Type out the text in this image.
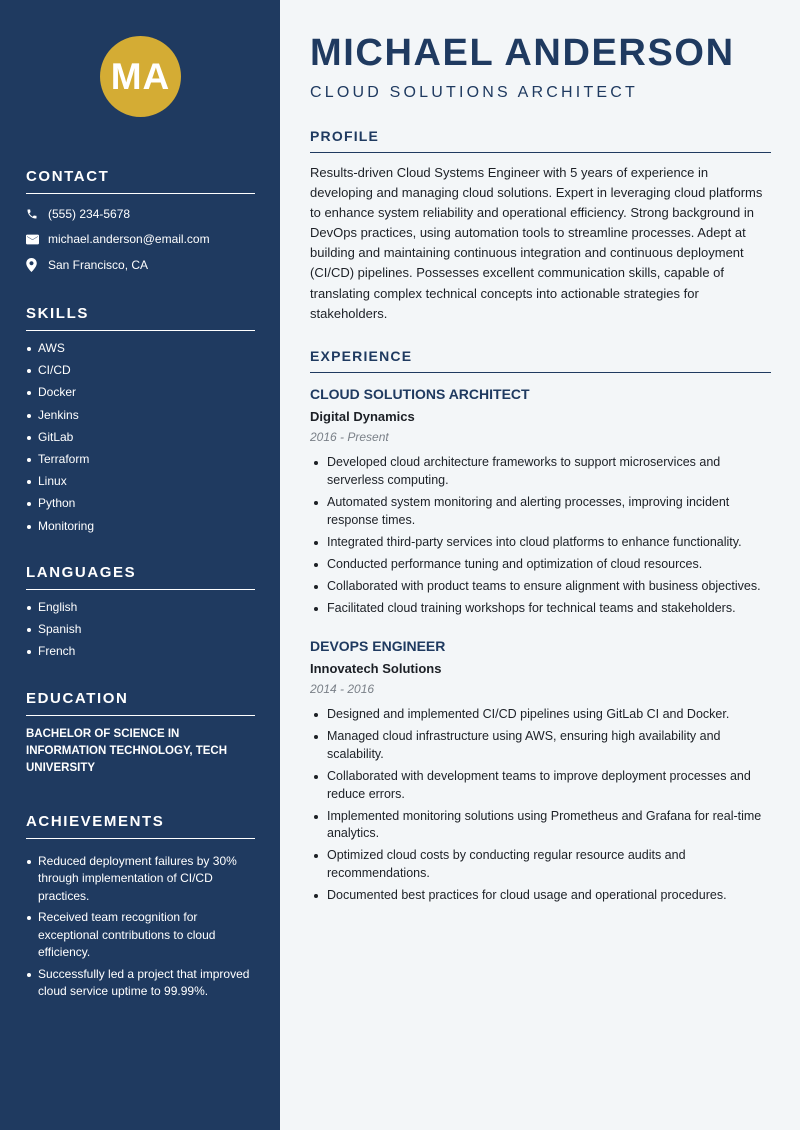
MA
CONTACT
(555) 234-5678
michael.anderson@email.com
San Francisco, CA
SKILLS
AWS
CI/CD
Docker
Jenkins
GitLab
Terraform
Linux
Python
Monitoring
LANGUAGES
English
Spanish
French
EDUCATION
BACHELOR OF SCIENCE IN INFORMATION TECHNOLOGY, TECH UNIVERSITY
ACHIEVEMENTS
Reduced deployment failures by 30% through implementation of CI/CD practices.
Received team recognition for exceptional contributions to cloud efficiency.
Successfully led a project that improved cloud service uptime to 99.99%.
MICHAEL ANDERSON
CLOUD SOLUTIONS ARCHITECT
PROFILE
Results-driven Cloud Systems Engineer with 5 years of experience in developing and managing cloud solutions. Expert in leveraging cloud platforms to enhance system reliability and operational efficiency. Strong background in DevOps practices, using automation tools to streamline processes. Adept at building and maintaining continuous integration and continuous deployment (CI/CD) pipelines. Possesses excellent communication skills, capable of translating complex technical concepts into actionable strategies for stakeholders.
EXPERIENCE
CLOUD SOLUTIONS ARCHITECT
Digital Dynamics
2016 - Present
Developed cloud architecture frameworks to support microservices and serverless computing.
Automated system monitoring and alerting processes, improving incident response times.
Integrated third-party services into cloud platforms to enhance functionality.
Conducted performance tuning and optimization of cloud resources.
Collaborated with product teams to ensure alignment with business objectives.
Facilitated cloud training workshops for technical teams and stakeholders.
DEVOPS ENGINEER
Innovatech Solutions
2014 - 2016
Designed and implemented CI/CD pipelines using GitLab CI and Docker.
Managed cloud infrastructure using AWS, ensuring high availability and scalability.
Collaborated with development teams to improve deployment processes and reduce errors.
Implemented monitoring solutions using Prometheus and Grafana for real-time analytics.
Optimized cloud costs by conducting regular resource audits and recommendations.
Documented best practices for cloud usage and operational procedures.
